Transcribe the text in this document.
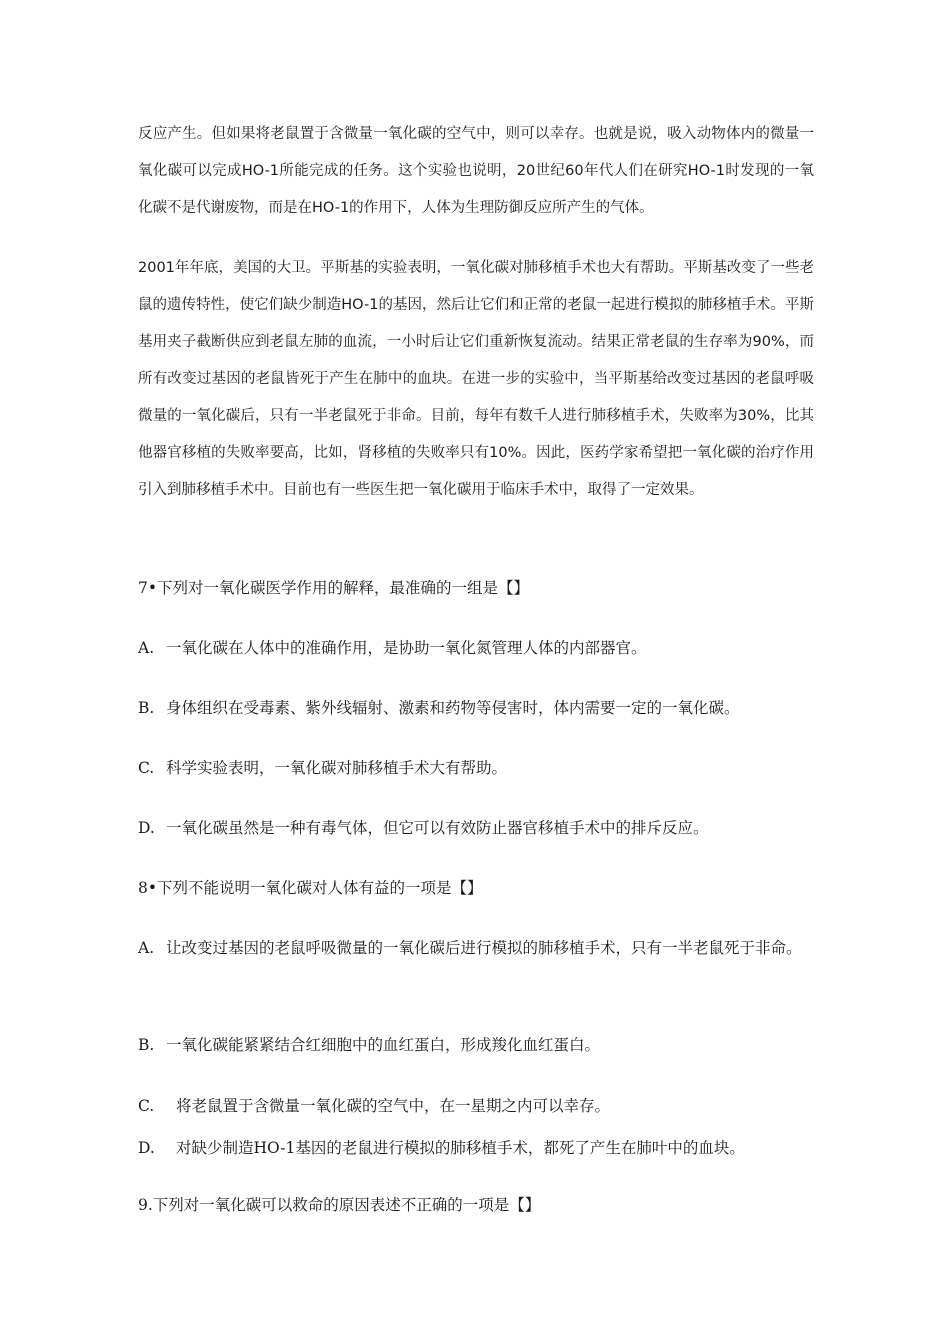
反应产生。但如果将老鼠置于含微量一氧化碳的空气中，则可以幸存。也就是说，吸入动物体内的微量一氧化碳可以完成HO-1所能完成的任务。这个实验也说明，20世纪60年代人们在研究HO-1时发现的一氧化碳不是代谢废物，而是在HO-1的作用下，人体为生理防御反应所产生的气体。

2001年年底，美国的大卫。平斯基的实验表明，一氧化碳对肺移植手术也大有帮助。平斯基改变了一些老鼠的遗传特性，使它们缺少制造HO-1的基因，然后让它们和正常的老鼠一起进行模拟的肺移植手术。平斯基用夹子截断供应到老鼠左肺的血流，一小时后让它们重新恢复流动。结果正常老鼠的生存率为90%，而所有改变过基因的老鼠皆死于产生在肺中的血块。在进一步的实验中，当平斯基给改变过基因的老鼠呼吸微量的一氧化碳后，只有一半老鼠死于非命。目前，每年有数千人进行肺移植手术，失败率为30%，比其他器官移植的失败率要高，比如，肾移植的失败率只有10%。因此，医药学家希望把一氧化碳的治疗作用引入到肺移植手术中。目前也有一些医生把一氧化碳用于临床手术中，取得了一定效果。

7•下列对一氧化碳医学作用的解释，最准确的一组是【】

A. 一氧化碳在人体中的准确作用，是协助一氧化氮管理人体的内部器官。

B. 身体组织在受毒素、紫外线辐射、激素和药物等侵害时，体内需要一定的一氧化碳。

C. 科学实验表明，一氧化碳对肺移植手术大有帮助。

D. 一氧化碳虽然是一种有毒气体，但它可以有效防止器官移植手术中的排斥反应。

8•下列不能说明一氧化碳对人体有益的一项是【】

A. 让改变过基因的老鼠呼吸微量的一氧化碳后进行模拟的肺移植手术，只有一半老鼠死于非命。

B. 一氧化碳能紧紧结合红细胞中的血红蛋白，形成羧化血红蛋白。

C. 将老鼠置于含微量一氧化碳的空气中，在一星期之内可以幸存。

D. 对缺少制造HO-1基因的老鼠进行模拟的肺移植手术，都死了产生在肺叶中的血块。

9.下列对一氧化碳可以救命的原因表述不正确的一项是【】
